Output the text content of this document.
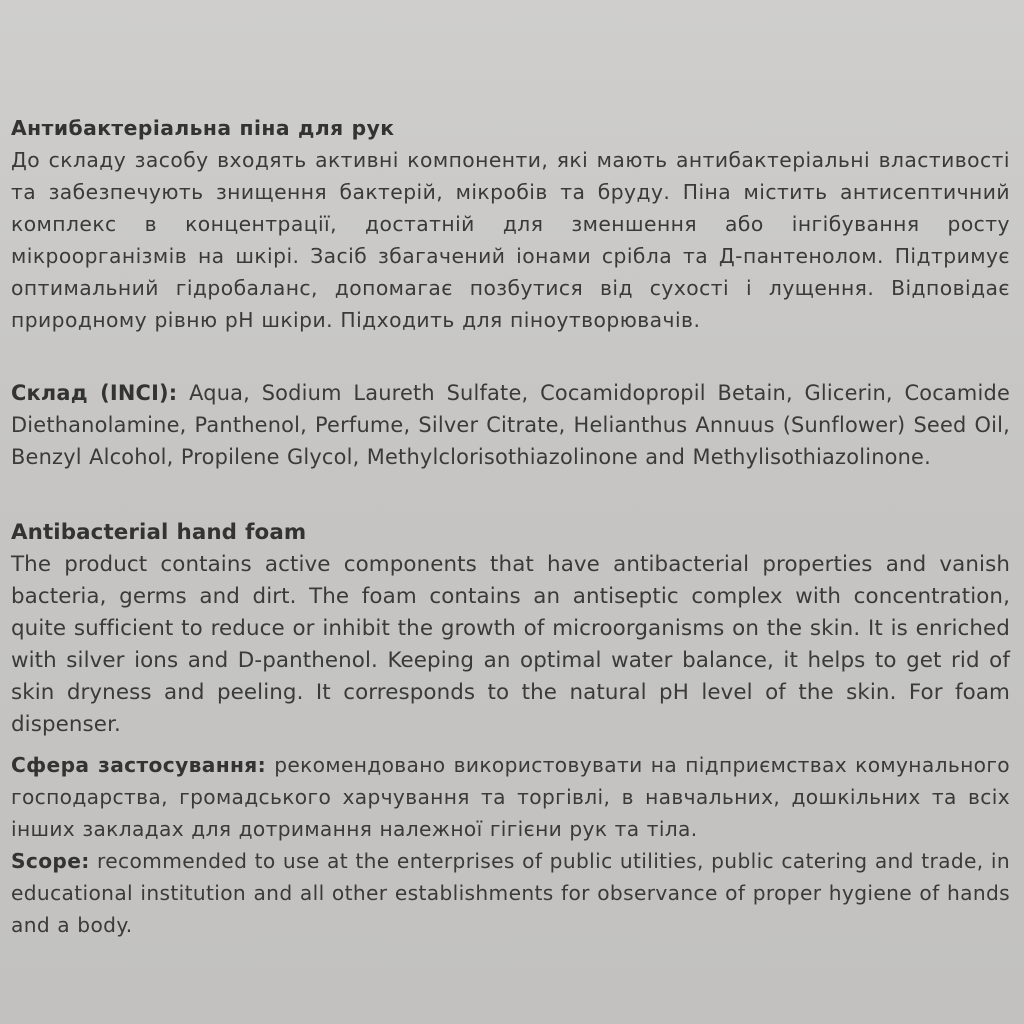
Антибактеріальна піна для рук

До складу засобу входять активні компоненти, які мають антибактеріальні властивості та забезпечують знищення бактерій, мікробів та бруду. Піна містить антисептичний комплекс в концентрації, достатній для зменшення або інгібування росту мікроорганізмів на шкірі. Засіб збагачений іонами срібла та Д-пантенолом. Підтримує оптимальний гідробаланс, допомагає позбутися від сухості і лущення. Відповідає природному рівню pH шкіри. Підходить для піноутворювачів.

Склад (INCI): Aqua, Sodium Laureth Sulfate, Cocamidopropil Betain, Glicerin, Cocamide Diethanolamine, Panthenol, Perfume, Silver Citrate, Helianthus Annuus (Sunflower) Seed Oil, Benzyl Alcohol, Propilene Glycol, Methylclorisothiazolinone and Methylisothiazolinone.

Antibacterial hand foam

The product contains active components that have antibacterial properties and vanish bacteria, germs and dirt. The foam contains an antiseptic complex with concentration, quite sufficient to reduce or inhibit the growth of microorganisms on the skin. It is enriched with silver ions and D-panthenol. Keeping an optimal water balance, it helps to get rid of skin dryness and peeling. It corresponds to the natural pH level of the skin. For foam dispenser.

Сфера застосування: рекомендовано використовувати на підприємствах комунального господарства, громадського харчування та торгівлі, в навчальних, дошкільних та всіх інших закладах для дотримання належної гігієни рук та тіла.

Scope: recommended to use at the enterprises of public utilities, public catering and trade, in educational institution and all other establishments for observance of proper hygiene of hands and a body.
